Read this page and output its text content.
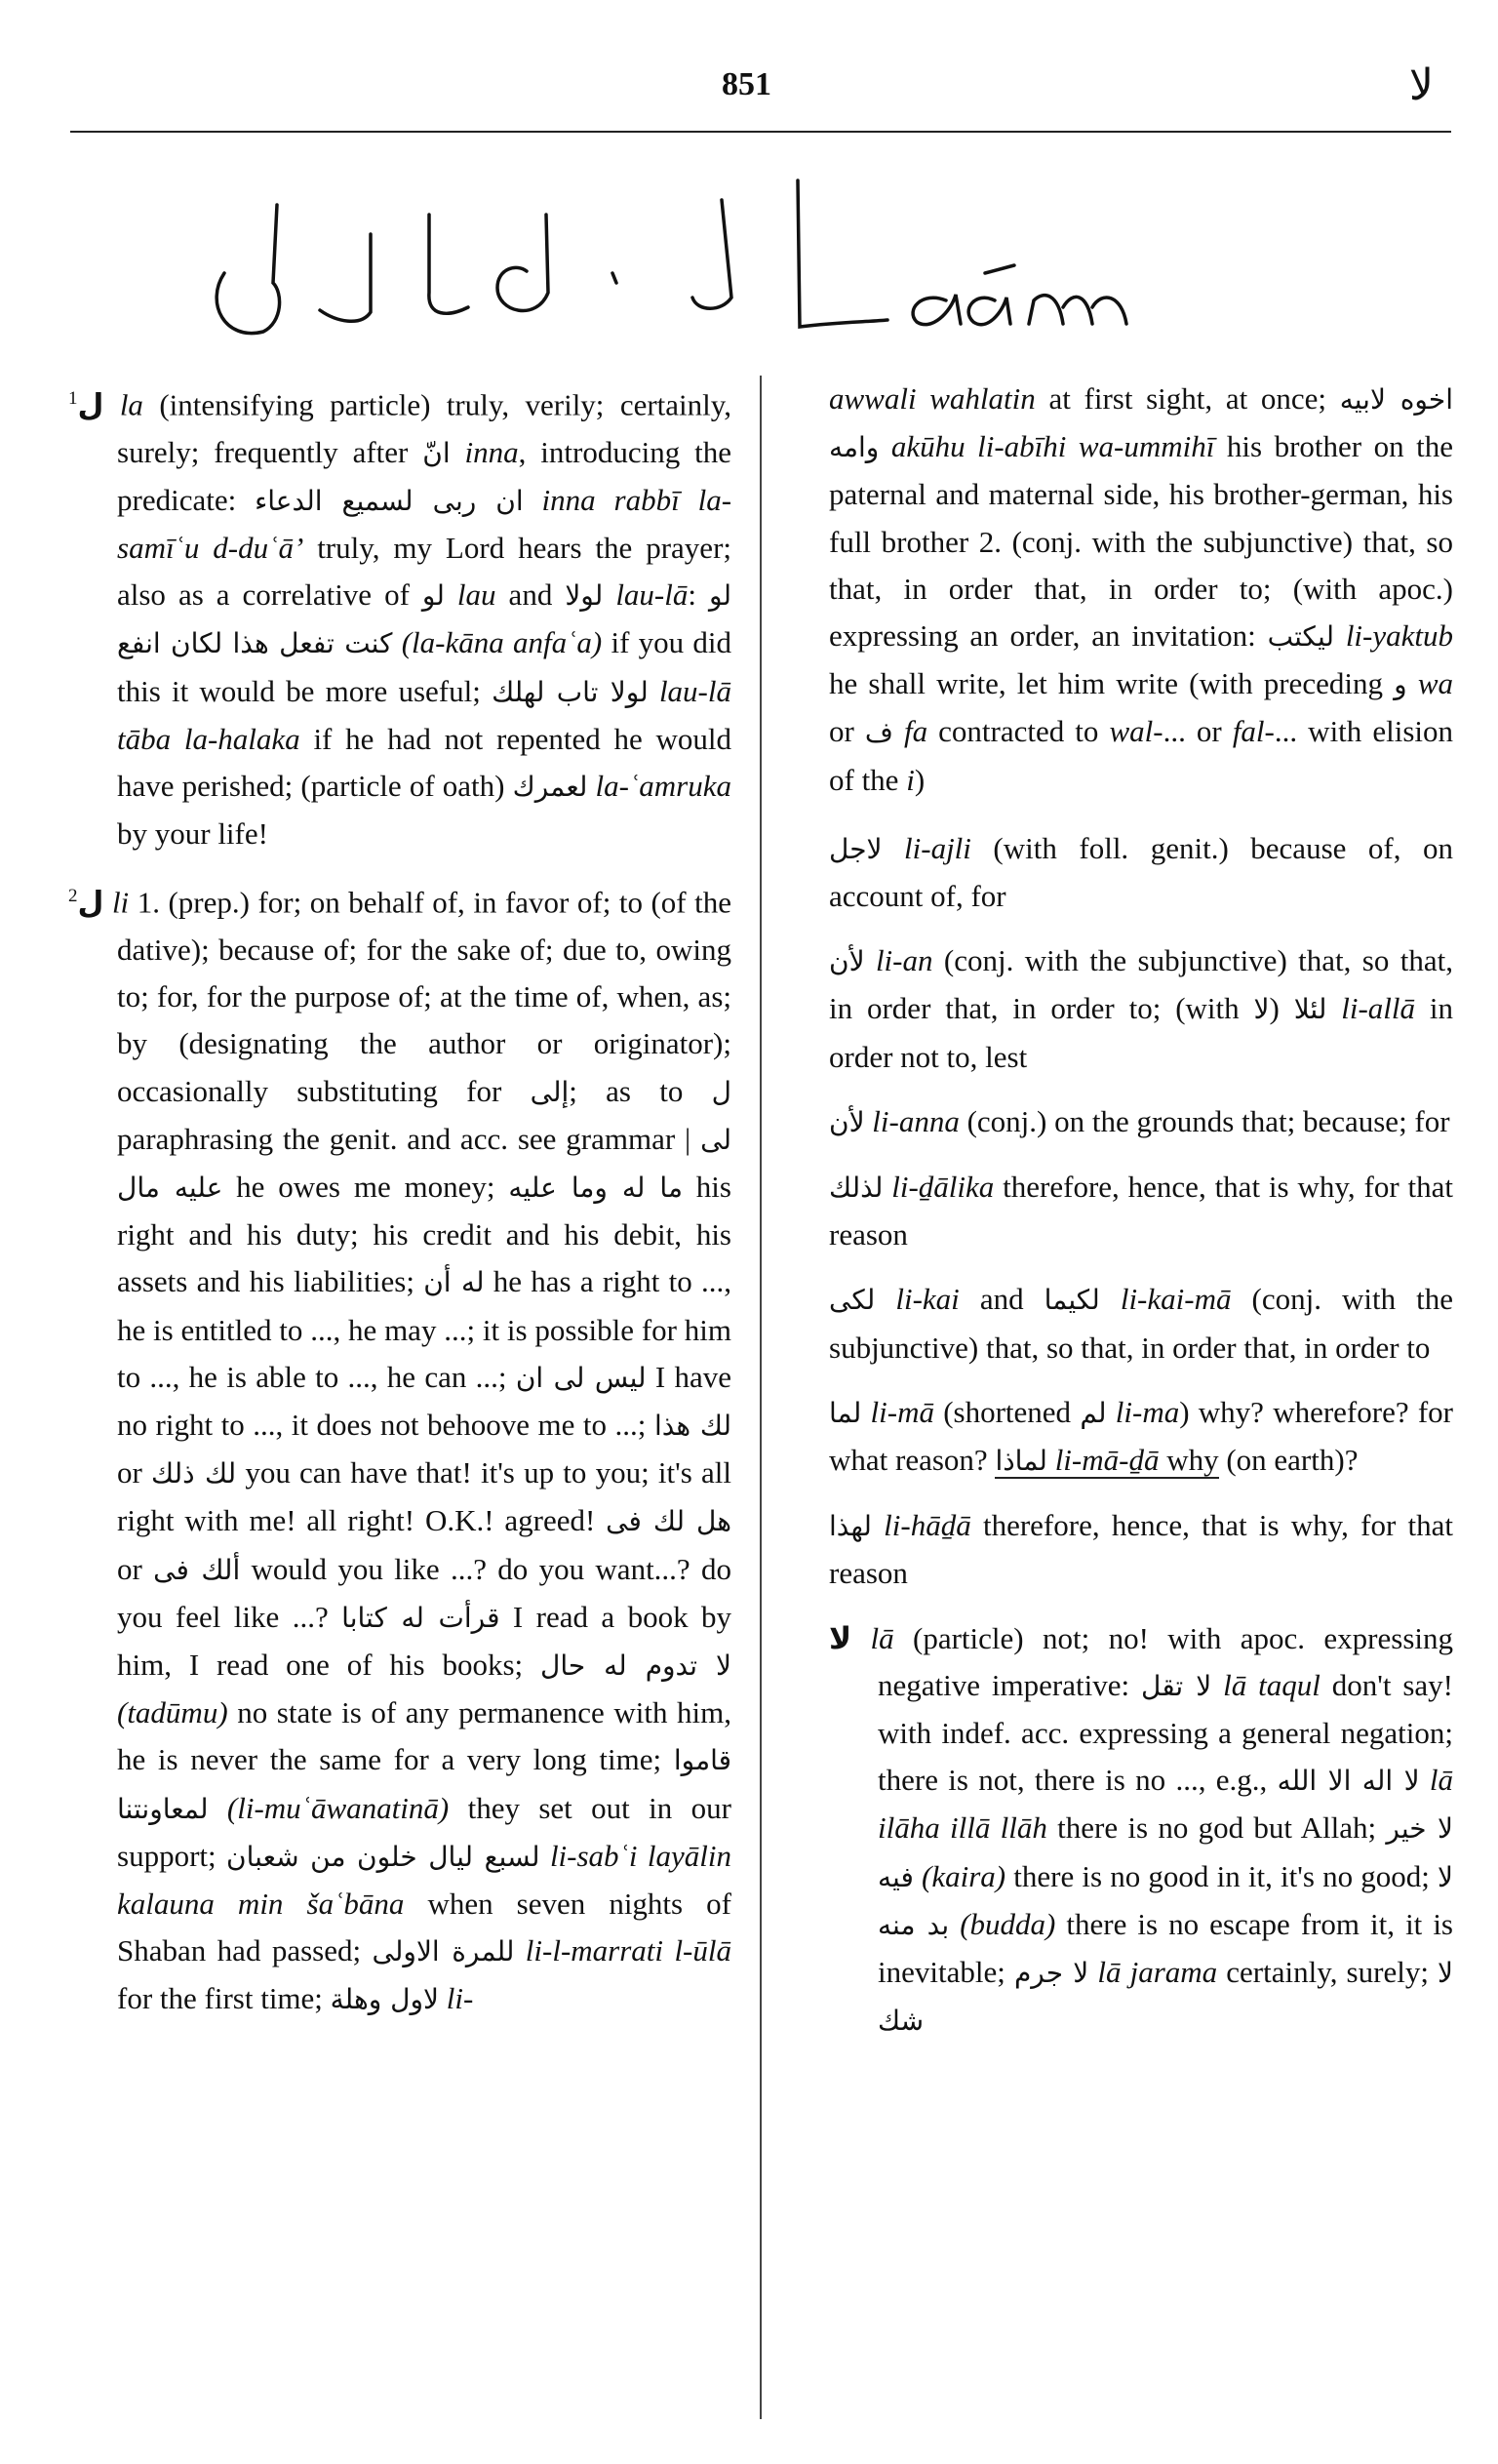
851	لا
$^1$ل la (intensifying particle) truly, verily; certainly, surely; frequently after انّ inna, introducing the predicate: ان ربى لسميع الدعاء inna rabbī la-samīʿu d-duʿā’ truly, my Lord hears the prayer; also as a correlative of لو lau and لولا lau-lā: لو كنت تفعل هذا لكان انفع (la-kāna anfaʿa) if you did this it would be more useful; لولا تاب لهلك lau-lā tāba la-halaka if he had not repented he would have perished; (particle of oath) لعمرك la-ʿamruka by your life!
$^2$ل li 1. (prep.) for; on behalf of, in favor of; to (of the dative); because of; for the sake of; due to, owing to; for, for the purpose of; at the time of, when, as; by (designating the author or originator); occasionally substituting for إلى; as to ل paraphrasing the genit. and acc. see grammar | لى عليه مال he owes me money; ما له وما عليه his right and his duty; his credit and his debit, his assets and his liabilities; له أن he has a right to ..., he is entitled to ..., he may ...; it is possible for him to ..., he is able to ..., he can ...; ليس لى ان I have no right to ..., it does not behoove me to ...; لك هذا or لك ذلك you can have that! it's up to you; it's all right with me! all right! O.K.! agreed! هل لك فى or ألك فى would you like ...? do you want...? do you feel like ...? قرأت له كتابا I read a book by him, I read one of his books; لا تدوم له حال (tadūmu) no state is of any permanence with him, he is never the same for a very long time; قاموا لمعاونتنا (li-muʿāwanatinā) they set out in our support; لسبع ليال خلون من شعبان li-sabʿi layālin kalauna min šaʿbāna when seven nights of Shaban had passed; للمرة الاولى li-l-marrati l-ūlā for the first time; لاول وهلة li-
awwali wahlatin at first sight, at once; اخوه لابيه وامه akūhu li-abīhi wa-ummihī his brother on the paternal and maternal side, his brother-german, his full brother 2. (conj. with the subjunctive) that, so that, in order that, in order to; (with apoc.) expressing an order, an invitation: ليكتب li-yaktub he shall write, let him write (with preceding و wa or ف fa contracted to wal-... or fal-... with elision of the i)
لاجل li-ajli (with foll. genit.) because of, on account of, for
لأن li-an (conj. with the subjunctive) that, so that, in order that, in order to; (with لا) لئلا li-allā in order not to, lest
لأن li-anna (conj.) on the grounds that; because; for
لذلك li-ḏālika therefore, hence, that is why, for that reason
لكى li-kai and لكيما li-kai-mā (conj. with the subjunctive) that, so that, in order that, in order to
لما li-mā (shortened لم li-ma) why? wherefore? for what reason? لماذا li-mā-ḏā why (on earth)?
لهذا li-hāḏā therefore, hence, that is why, for that reason
لا lā (particle) not; no! with apoc. expressing negative imperative: لا تقل lā taqul don't say! with indef. acc. expressing a general negation; there is not, there is no ..., e.g., لا اله الا الله lā ilāha illā llāh there is no god but Allah; لا خير فيه (kaira) there is no good in it, it's no good; لا بد منه (budda) there is no escape from it, it is inevitable; لا جرم lā jarama certainly, surely; لا شك
